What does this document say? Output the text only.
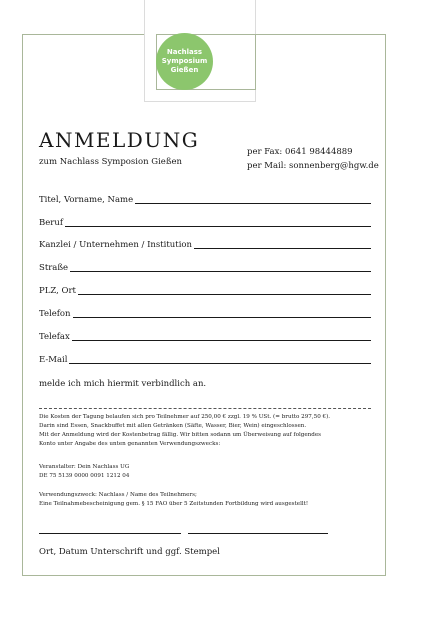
Nachlass
Symposium
Gießen
ANMELDUNG
zum Nachlass Symposion Gießen
per Fax: 0641 98444889
per Mail: sonnenberg@hgw.de
Titel, Vorname, Name
Beruf
Kanzlei / Unternehmen / Institution
Straße
PLZ, Ort
Telefon
Telefax
E-Mail
melde ich mich hiermit verbindlich an.
Die Kosten der Tagung belaufen sich pro Teilnehmer auf 250,00 € zzgl. 19 % USt. (= brutto 297,50 €).
Darin sind Essen, Snackbuffet mit allen Getränken (Säfte, Wasser, Bier, Wein) eingeschlossen.
Mit der Anmeldung wird der Kostenbetrag fällig. Wir bitten sodann um Überweisung auf folgendes
Konto unter Angabe des unten genannten Verwendungszwecks:
Veranstalter: Dein Nachlass UG
DE 75 5139 0000 0091 1212 04
Verwendungszweck: Nachlass / Name des Teilnehmers;
Eine Teilnahmebescheinigung gem. § 15 FAO über 5 Zeitstunden Fortbildung wird ausgestellt!
Ort, Datum Unterschrift und ggf. Stempel
